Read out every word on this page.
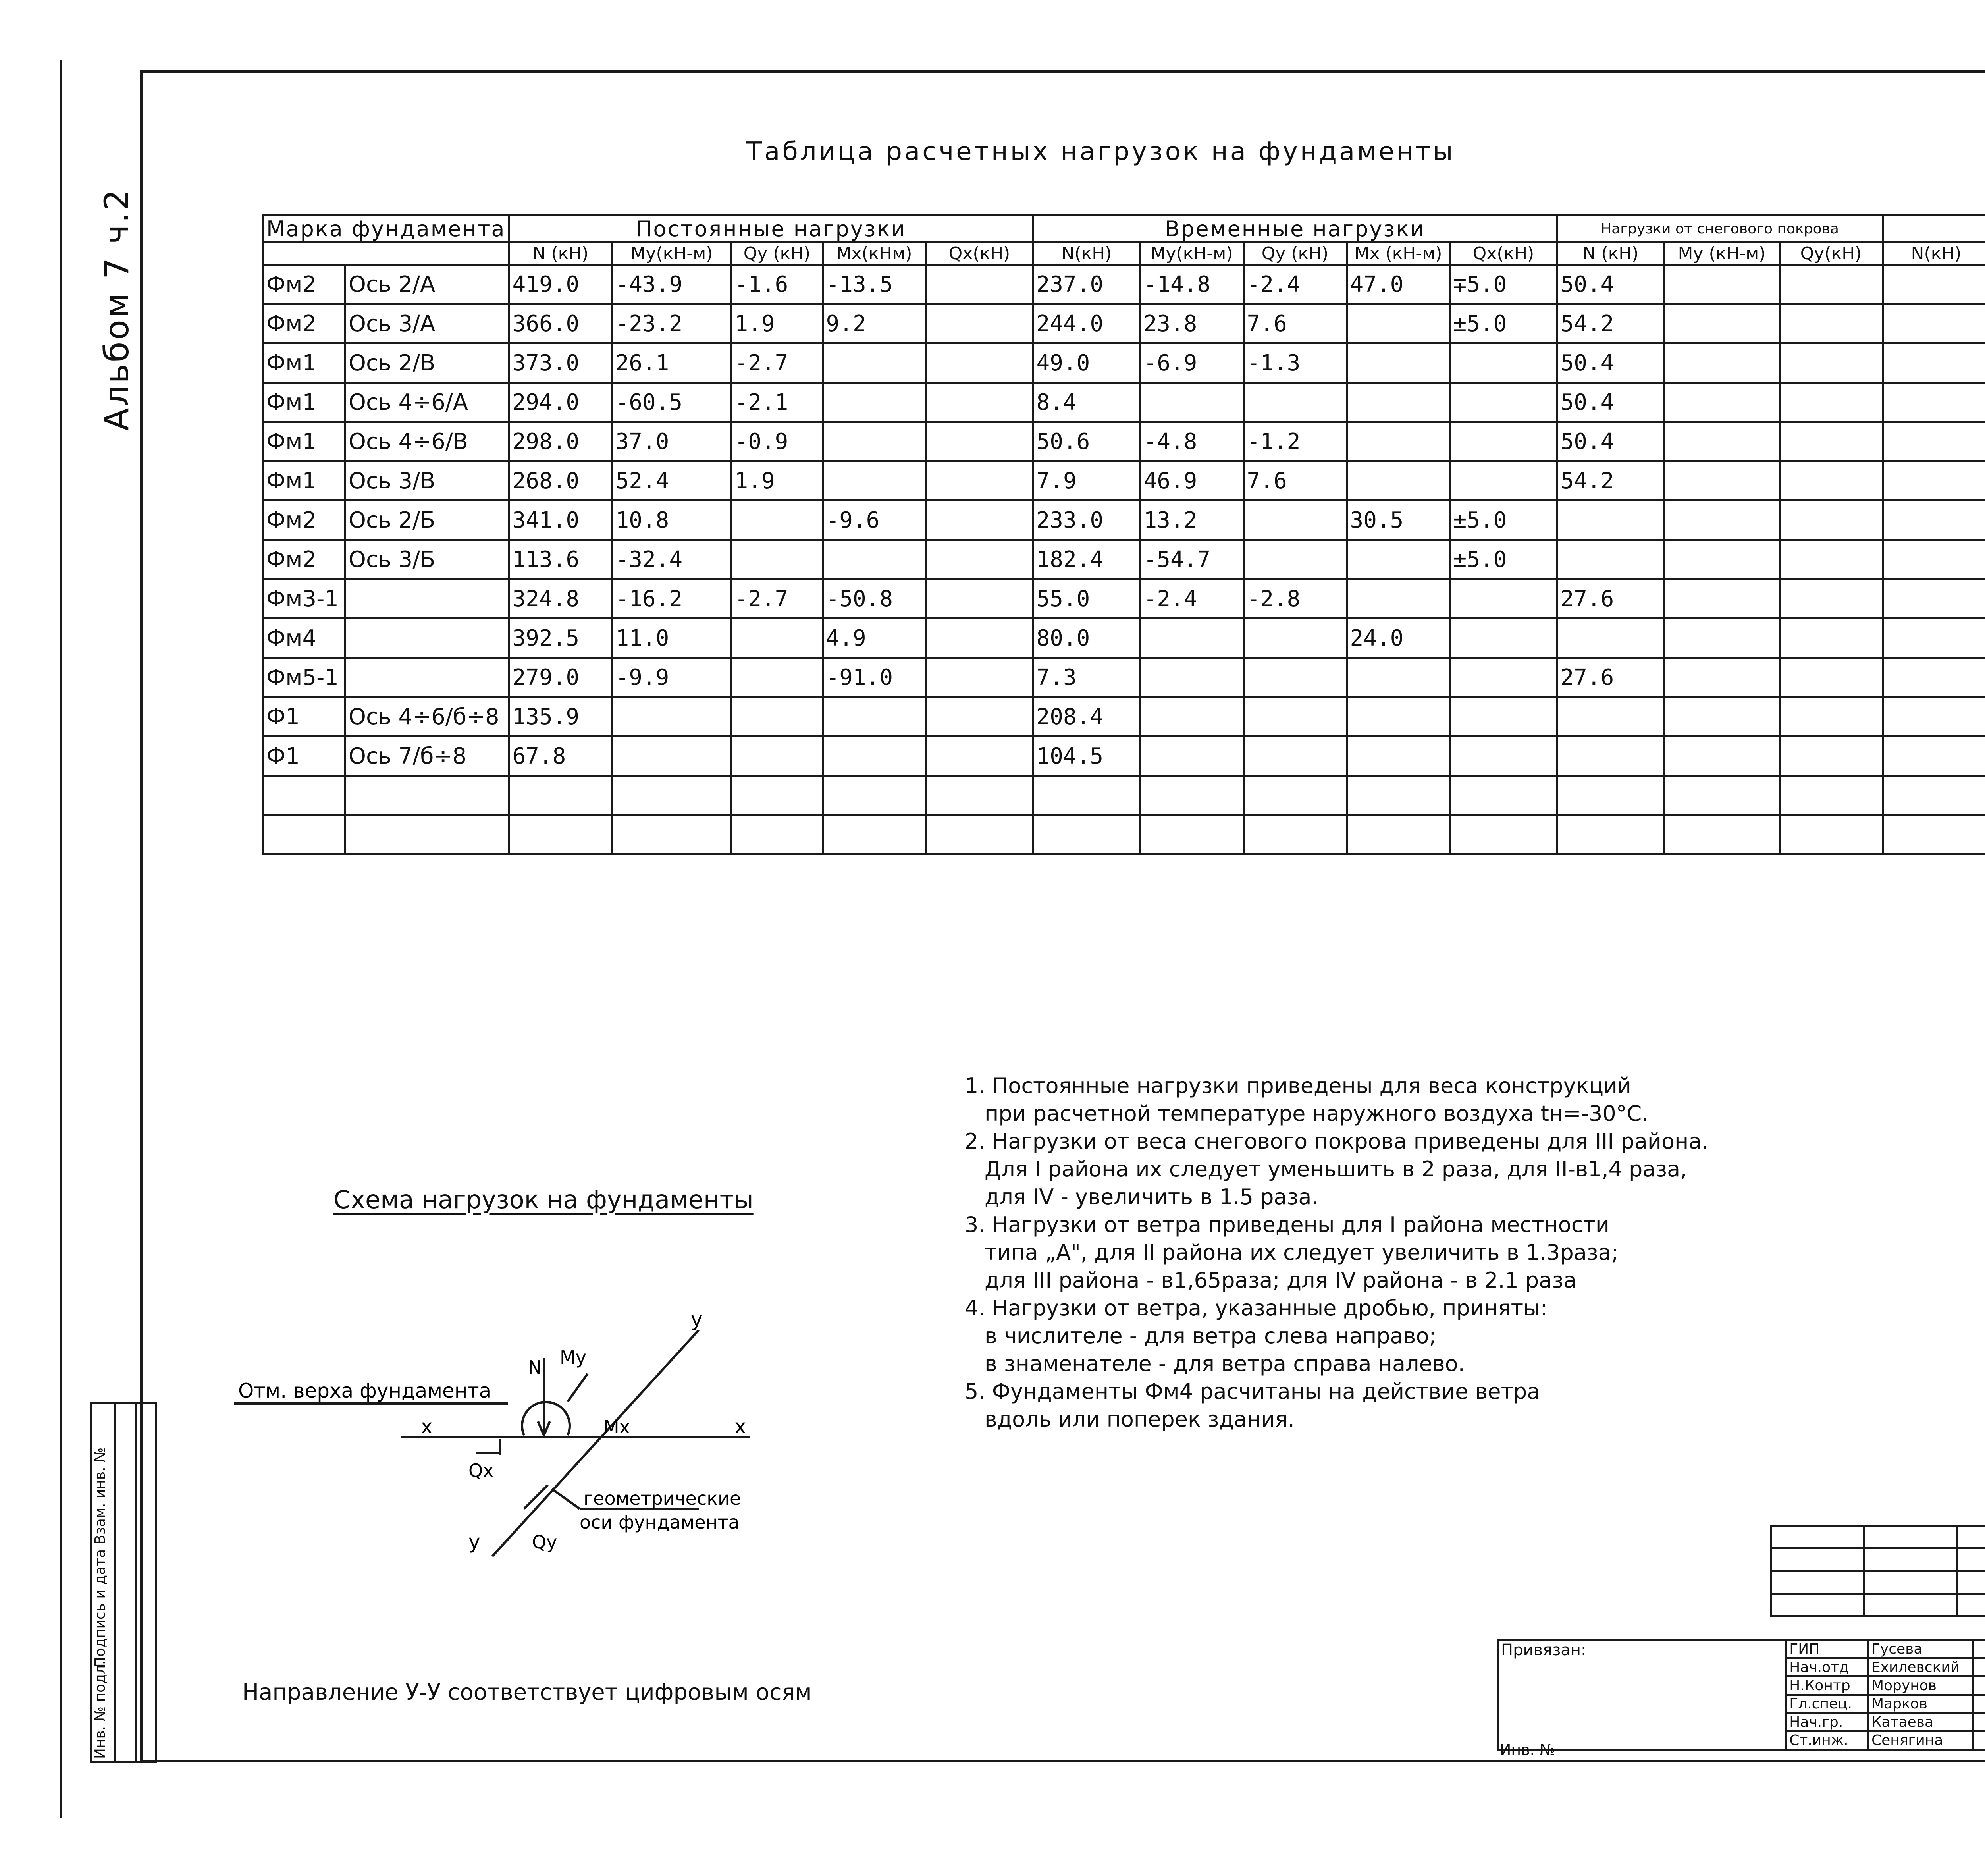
Альбом 7 ч.2
Таблица расчетных нагрузок на фундаменты
Марка фундамента		Постоянные нагрузки					Временные нагрузки					Нагрузки от снегового покрова	
		N (кН)	My(кН-м)	Qy (кН)	Mx(кНм)	Qx(кН)	N(кН)	My(кН-м)	Qy (кН)	Mx (кН-м)	Qx(кН)	N (кН)	My (кН-м)	Qy(кН)	N(кН)				
Фм2	Ось 2/А	419.0	-43.9	-1.6	-13.5		237.0	-14.8	-2.4	47.0	∓5.0	50.4				

Фм2	Ось 3/А	366.0	-23.2	1.9	9.2		244.0	23.8	7.6		±5.0	54.2				

Фм1	Ось 2/В	373.0	26.1	-2.7			49.0	-6.9	-1.3			50.4				

Фм1	Ось 4÷6/А	294.0	-60.5	-2.1			8.4					50.4				

Фм1	Ось 4÷6/В	298.0	37.0	-0.9			50.6	-4.8	-1.2			50.4				

Фм1	Ось 3/В	268.0	52.4	1.9			7.9	46.9	7.6			54.2				

Фм2	Ось 2/Б	341.0	10.8		-9.6		233.0	13.2		30.5	±5.0					

Фм2	Ось 3/Б	113.6	-32.4				182.4	-54.7			±5.0					

Фм3-1		324.8	-16.2	-2.7	-50.8		55.0	-2.4	-2.8			27.6				

Фм4		392.5	11.0		4.9		80.0			24.0						

Фм5-1		279.0	-9.9		-91.0		7.3					27.6				

Ф1	Ось 4÷6/б÷8	135.9					208.4									

Ф1	Ось 7/б÷8	67.8					104.5									

Схема нагрузок на фундаменты
Отм. верха фундамента
x	x
y
y
N My
Mx
Qx
Qy
геометрические
оси фундамента
Направление У-У соответствует цифровым осям
1. Постоянные нагрузки приведены для веса конструкций
при расчетной температуре наружного воздуха tн=-30°С.
2. Нагрузки от веса снегового покрова приведены для III района.
Для I района их следует уменьшить в 2 раза, для II-в1,4 раза,
для IV - увеличить в 1.5 раза.
3. Нагрузки от ветра приведены для I района местности
типа „А", для II района их следует увеличить в 1.3раза;
для III района - в1,65раза; для IV района - в 2.1 раза
4. Нагрузки от ветра, указанные дробью, приняты:
в числителе - для ветра слева направо;
в знаменателе - для ветра справа налево.
5. Фундаменты Фм4 расчитаны на действие ветра
вдоль или поперек здания.
Инв. № подл.
Подпись и дата
Взам. инв. №

Привязан:	ГИП	Гусева	
	Нач.отд	Ехилевский	
	Н.Контр	Морунов	
	Гл.спец.	Марков	
	Нач.гр.	Катаева	
	Ст.инж.	Сенягина	
Инв. №
